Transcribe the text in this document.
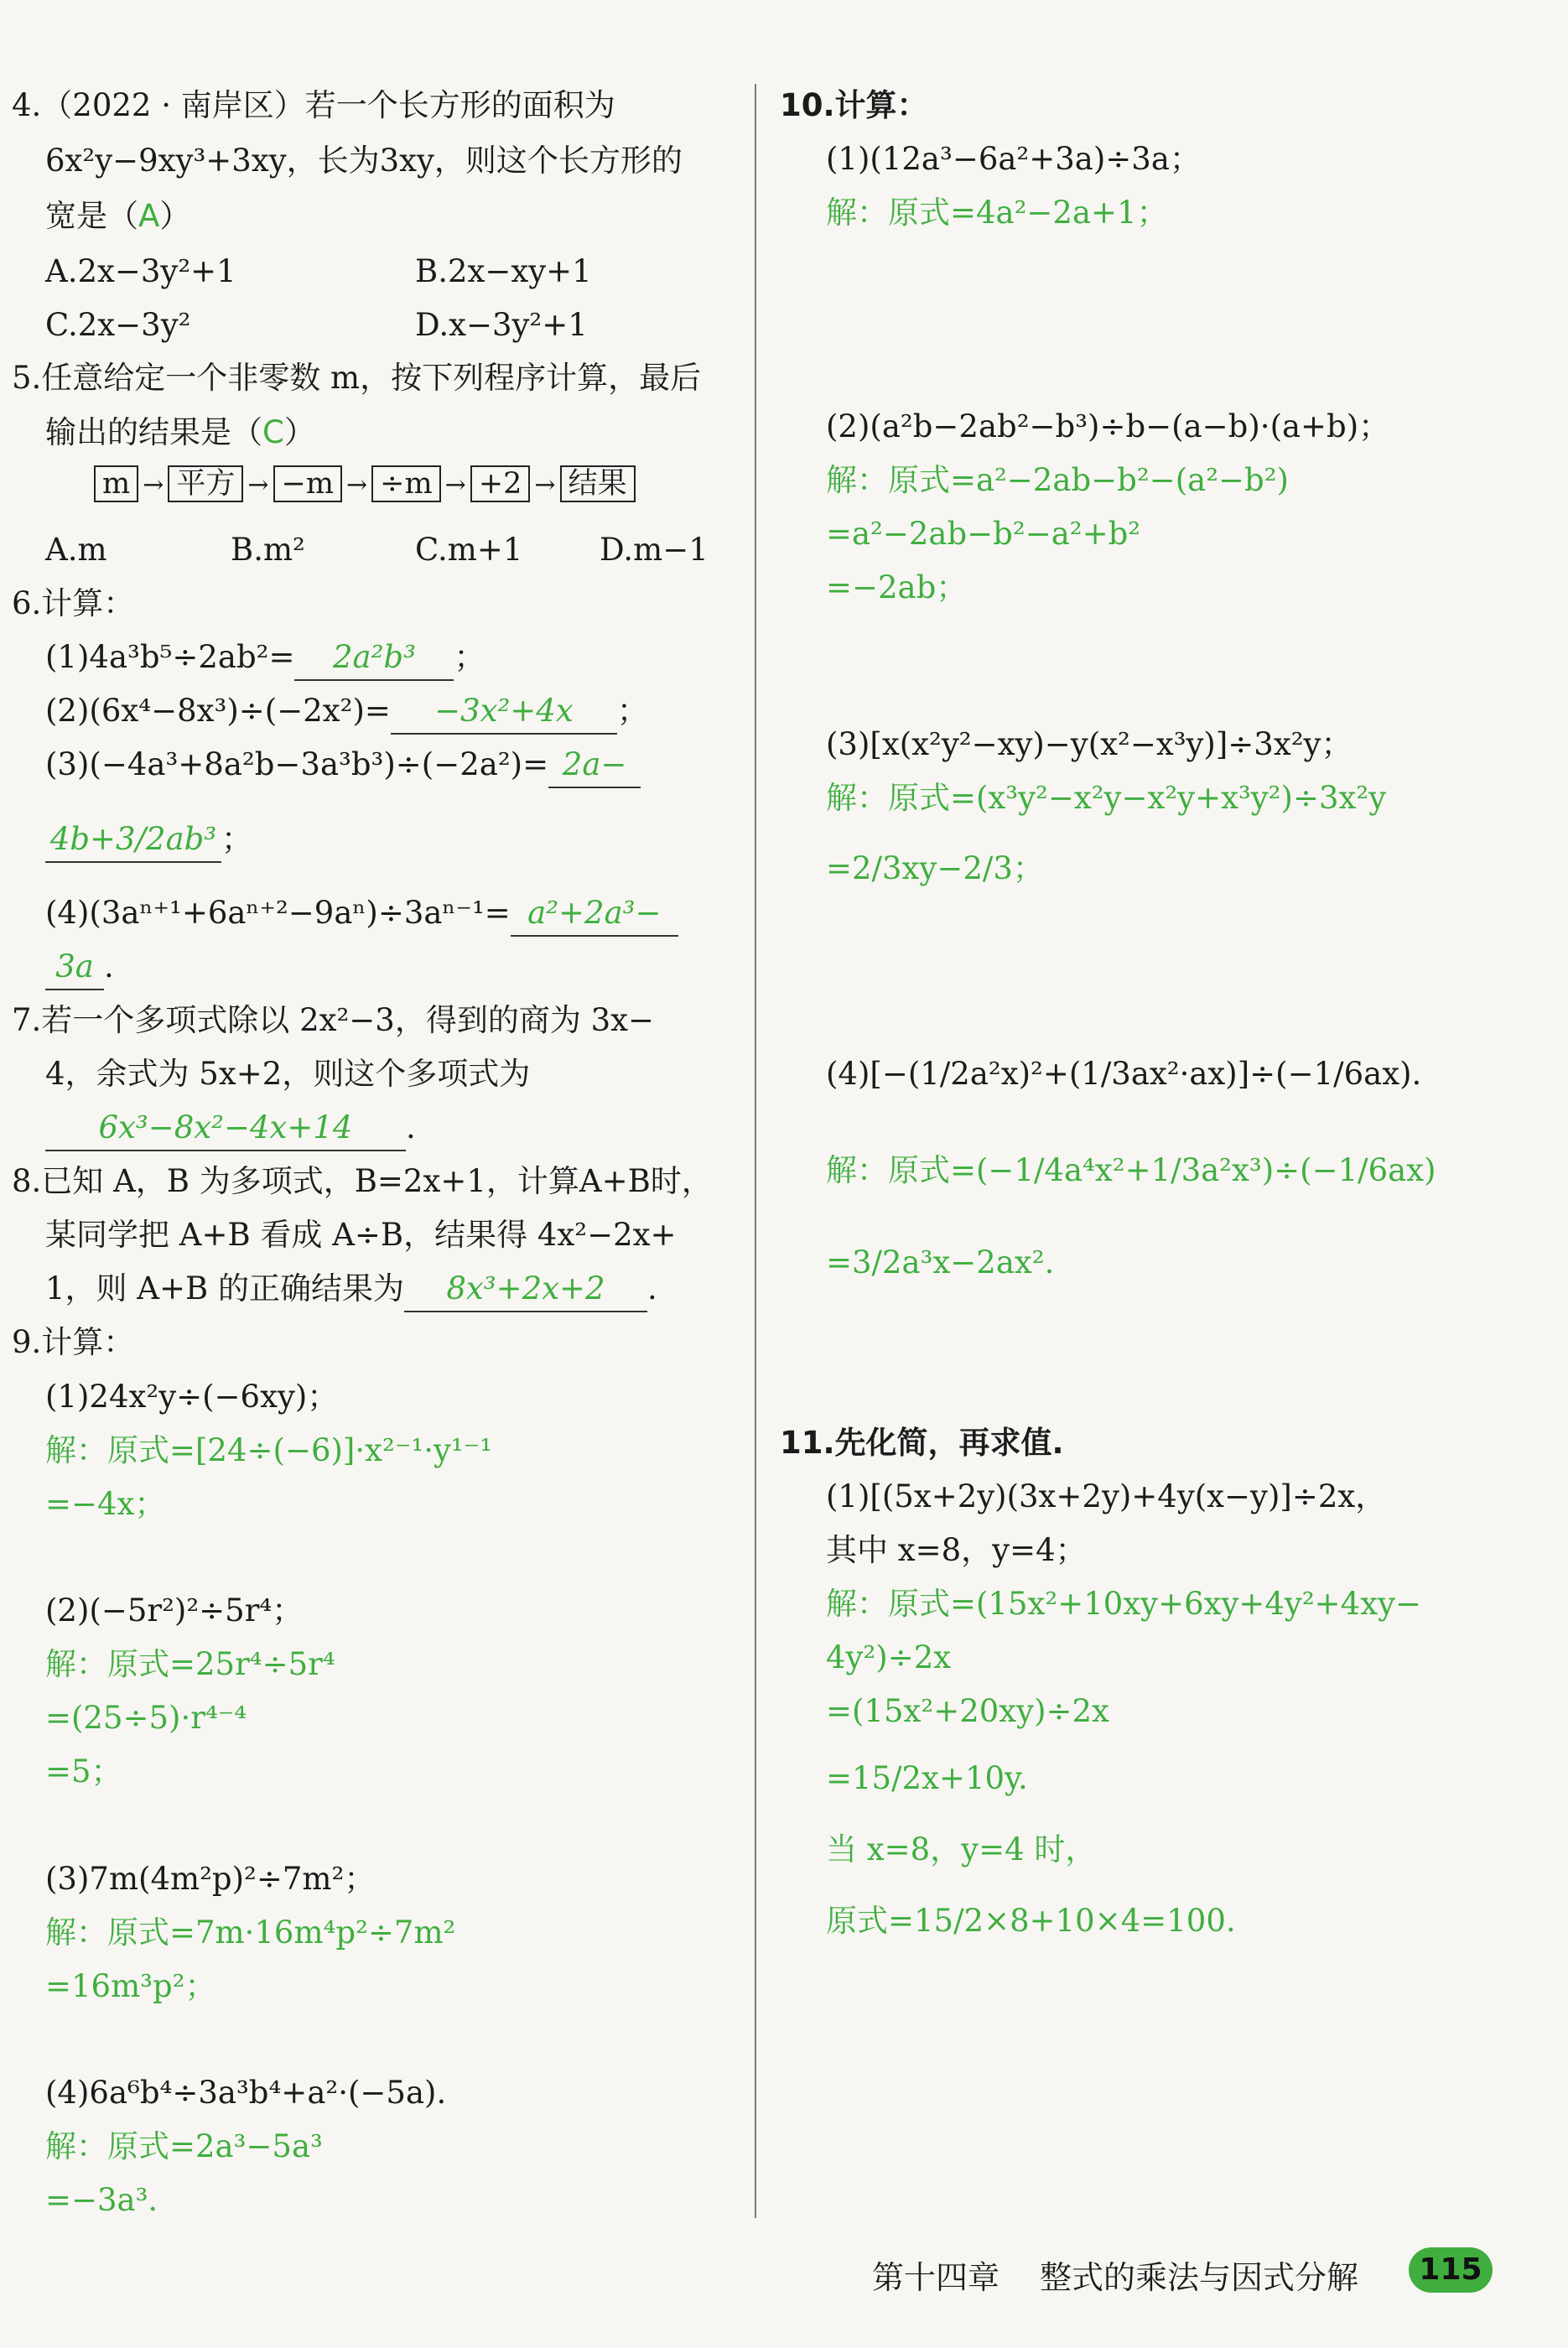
4.（2022 · 南岸区）若一个长方形的面积为
6x²y−9xy³+3xy，长为3xy，则这个长方形的
宽是（A）
A.2x−3y²+1	B.2x−xy+1
C.2x−3y²	D.x−3y²+1
5.任意给定一个非零数 m，按下列程序计算，最后
输出的结果是（C）
m → 平方 → −m → ÷m → +2 → 结果
A.m	B.m²	C.m+1 D.m−1
6.计算：
(1)4a³b⁵÷2ab²= 2a²b³ ；
(2)(6x⁴−8x³)÷(−2x²)= −3x²+4x ；
(3)(−4a³+8a²b−3a³b³)÷(−2a²)= 2a−
4b+3/2ab³ ；
(4)(3aⁿ⁺¹+6aⁿ⁺²−9aⁿ)÷3aⁿ⁻¹= a²+2a³−
3a .
7.若一个多项式除以 2x²−3，得到的商为 3x−
4，余式为 5x+2，则这个多项式为
6x³−8x²−4x+14 .
8.已知 A，B 为多项式，B=2x+1，计算A+B时，
某同学把 A+B 看成 A÷B，结果得 4x²−2x+
1，则 A+B 的正确结果为 8x³+2x+2 .
9.计算：
(1)24x²y÷(−6xy)；
解：原式=[24÷(−6)]·x²⁻¹·y¹⁻¹
=−4x；
(2)(−5r²)²÷5r⁴；
解：原式=25r⁴÷5r⁴
=(25÷5)·r⁴⁻⁴
=5；
(3)7m(4m²p)²÷7m²；
解：原式=7m·16m⁴p²÷7m²
=16m³p²；
(4)6a⁶b⁴÷3a³b⁴+a²·(−5a).
解：原式=2a³−5a³
=−3a³.
10.计算：
(1)(12a³−6a²+3a)÷3a；
解：原式=4a²−2a+1；
(2)(a²b−2ab²−b³)÷b−(a−b)·(a+b)；
解：原式=a²−2ab−b²−(a²−b²)
=a²−2ab−b²−a²+b²
=−2ab；
(3)[x(x²y²−xy)−y(x²−x³y)]÷3x²y；
解：原式=(x³y²−x²y−x²y+x³y²)÷3x²y
=2/3xy−2/3；
(4)[−(1/2a²x)²+(1/3ax²·ax)]÷(−1/6ax).
解：原式=(−1/4a⁴x²+1/3a²x³)÷(−1/6ax)
=3/2a³x−2ax².
11.先化简，再求值.
(1)[(5x+2y)(3x+2y)+4y(x−y)]÷2x，
其中 x=8，y=4；
解：原式=(15x²+10xy+6xy+4y²+4xy−
4y²)÷2x
=(15x²+20xy)÷2x
=15/2x+10y.
当 x=8，y=4 时，
原式=15/2×8+10×4=100.
第十四章 整式的乘法与因式分解	115
